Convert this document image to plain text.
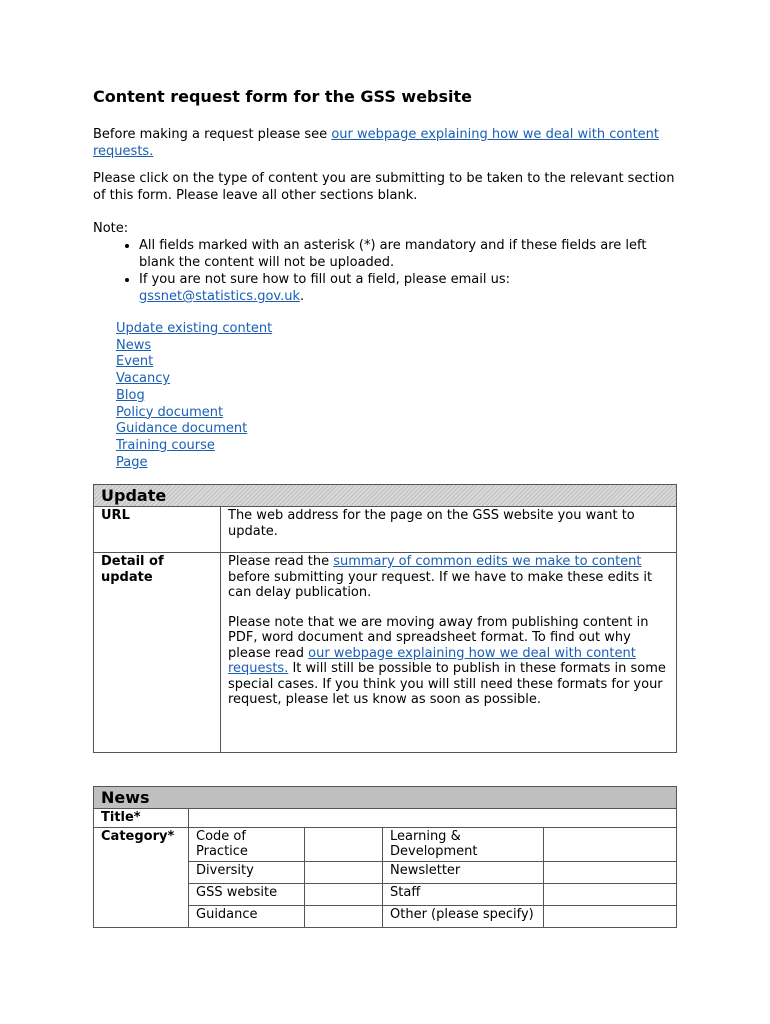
Content request form for the GSS website

Before making a request please see our webpage explaining how we deal with content requests.

Please click on the type of content you are submitting to be taken to the relevant section of this form. Please leave all other sections blank.

Note:

• All fields marked with an asterisk (*) are mandatory and if these fields are left blank the content will not be uploaded.
• If you are not sure how to fill out a field, please email us: gssnet@statistics.gov.uk.
Update existing content
News
Event
Vacancy
Blog
Policy document
Guidance document
Training course
Page
Update	
URL	The web address for the page on the GSS website you want to update.
Detail of update	Please read the summary of common edits we make to content before submitting your request. If we have to make these edits it can delay publication.
Please note that we are moving away from publishing content in PDF, word document and spreadsheet format. To find out why please read our webpage explaining how we deal with content requests. It will still be possible to publish in these formats in some special cases. If you think you will still need these formats for your request, please let us know as soon as possible.
News				
Title*				
Category*	Code of Practice		Learning & Development	
	Diversity		Newsletter	
	GSS website		Staff	
	Guidance		Other (please specify)	
